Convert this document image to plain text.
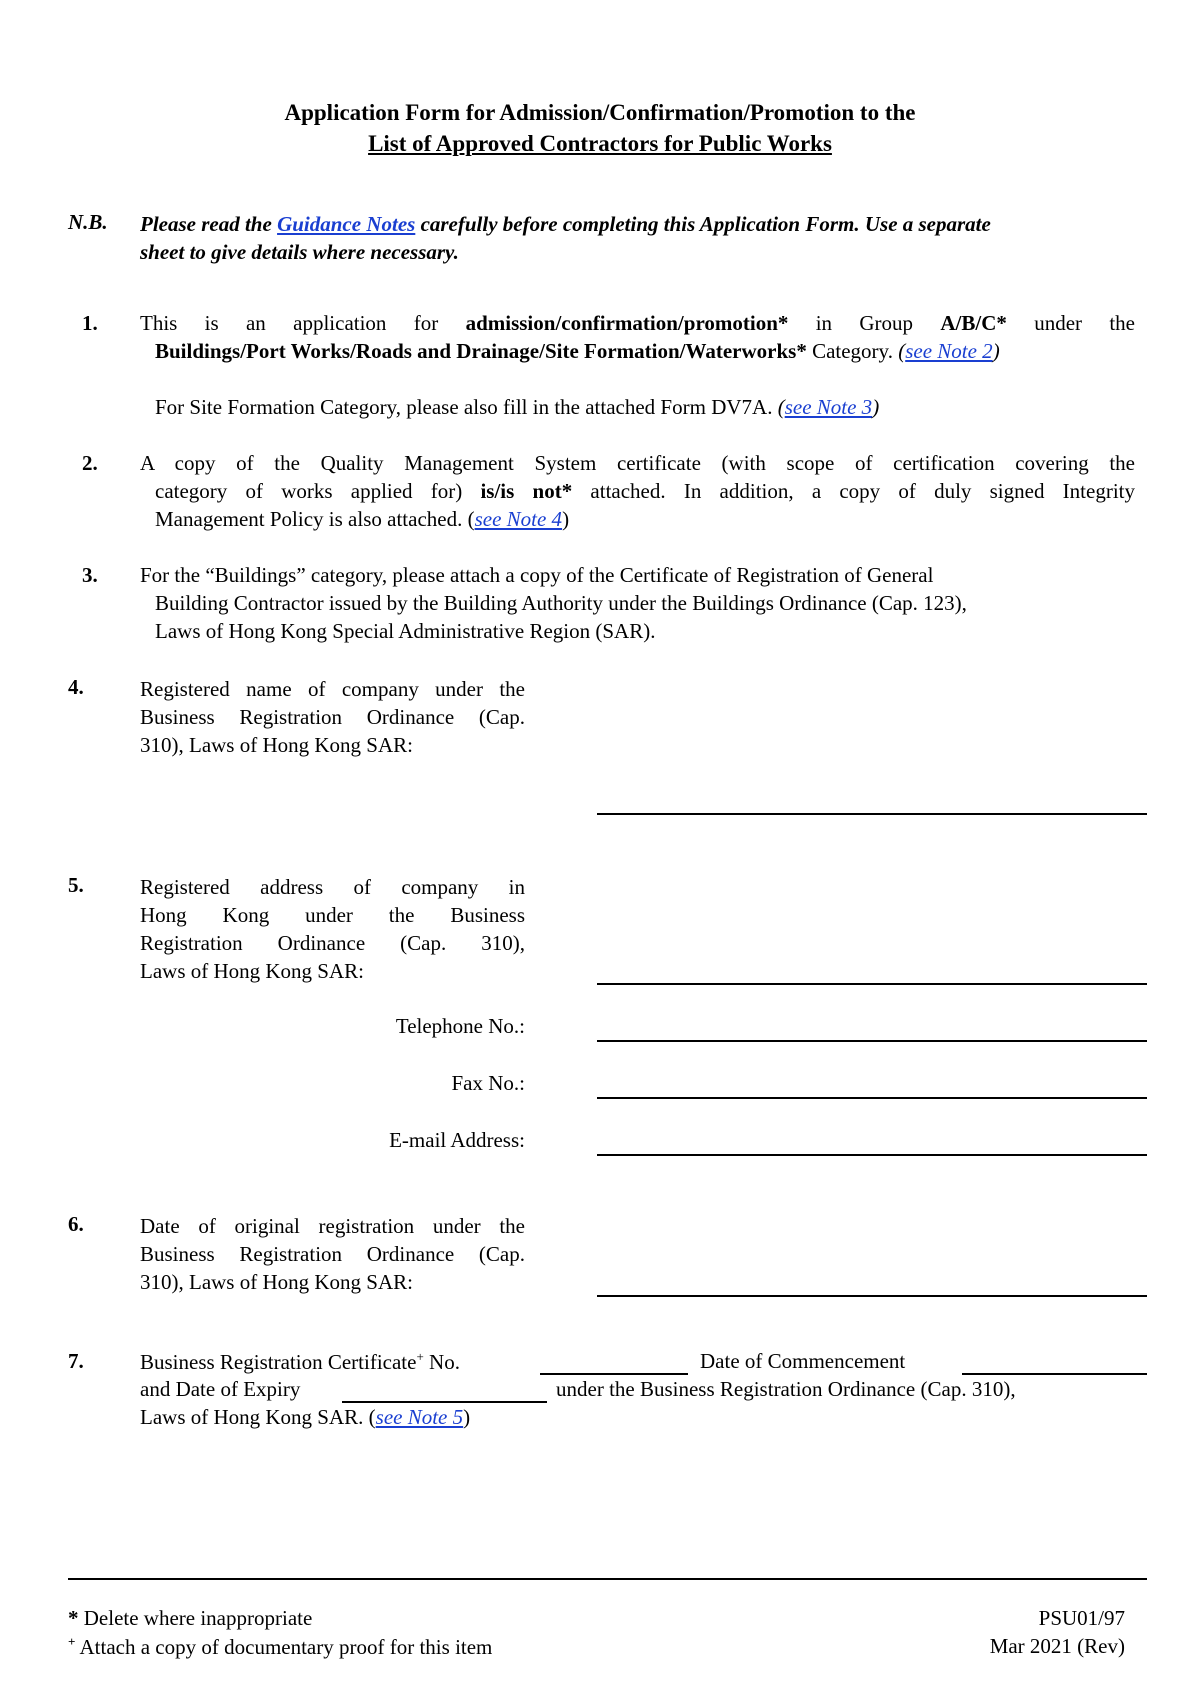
Application Form for Admission/Confirmation/Promotion to the
List of Approved Contractors for Public Works
N.B. Please read the Guidance Notes carefully before completing this Application Form. Use a separate
sheet to give details where necessary.
1. This is an application for admission/confirmation/promotion* in Group A/B/C* under the
Buildings/Port Works/Roads and Drainage/Site Formation/Waterworks* Category. (see Note 2)
For Site Formation Category, please also fill in the attached Form DV7A. (see Note 3)
2. A copy of the Quality Management System certificate (with scope of certification covering the
category of works applied for) is/is not* attached. In addition, a copy of duly signed Integrity
Management Policy is also attached. (see Note 4)
3. For the “Buildings” category, please attach a copy of the Certificate of Registration of General
Building Contractor issued by the Building Authority under the Buildings Ordinance (Cap. 123),
Laws of Hong Kong Special Administrative Region (SAR).
4.	Registered name of company under the
Business Registration Ordinance (Cap.
310), Laws of Hong Kong SAR:
5.	Registered address of company in
Hong Kong under the Business
Registration Ordinance (Cap. 310),
Laws of Hong Kong SAR:
Telephone No.:
Fax No.:
E-mail Address:
6.	Date of original registration under the
Business Registration Ordinance (Cap.
310), Laws of Hong Kong SAR:
7.	Business Registration Certificate+ No.	Date of Commencement
and Date of Expiry	under the Business Registration Ordinance (Cap. 310),
Laws of Hong Kong SAR. (see Note 5)
* Delete where inappropriate
+ Attach a copy of documentary proof for this item
PSU01/97
Mar 2021 (Rev)
